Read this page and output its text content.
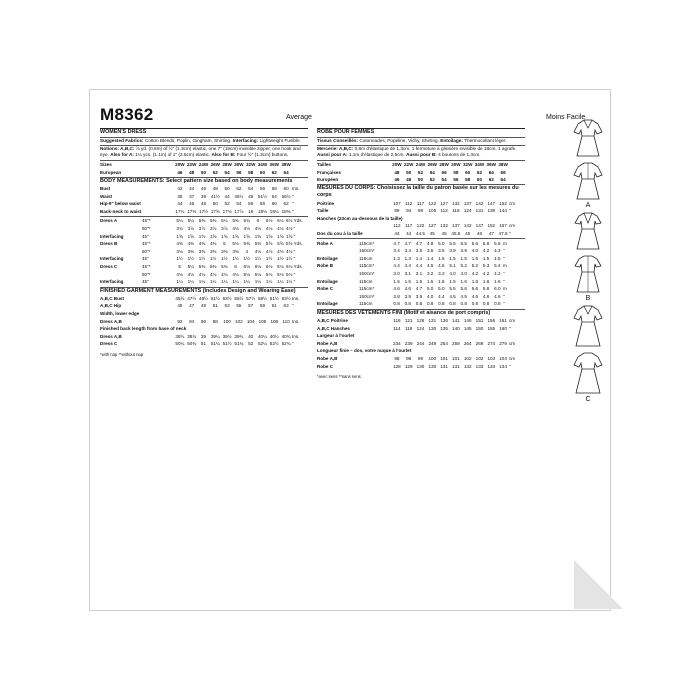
M8362	Average	Moins Facile
WOMEN'S DRESS
Suggested Fabrics: Cotton Blends, Poplin, Gingham, Shirting. Interfacing: Lightweight Fusible.
Notions: A,B,C: ⅞ yd. (0.8m) of ½" (1.3cm) elastic, one 7" (18cm) invisible zipper, one hook and eye. Also for A: 1¼ ycs. (1.1m) of 1" (2.5cm) elastic. Also for B: Four ½" (1.3cm) buttons.
Sizes		20W	22W	24W	26W	28W	30W	32W	34W	36W	38W	
European		46	48	50	52	54	56	58	60	62	64	
BODY MEASUREMENTS: Select pattern size based on body measurements
Bust		42	44	46	48	50	52	54	56	58	60	Ins.
Waist		35	37	39	41½	44	46½	49	51½	54	56½	"
Hip-9" below waist		44	46	48	50	52	54	56	58	60	62	"
Back-neck to waist		17¼	17⅜	17½	17⅝	17¾	17⅞	18	18⅛	18¼	18⅜	"
Dress A	45"*		5¼	5¼	5⅜	5⅜	5¼	5⅜	5¾	6	6⅛	6⅛	6⅛ Yds.
	60"*		3¾	3⅞	3⅞	3⅞	3⅞	4⅛	4⅛	4⅛	4⅛	4⅛	4⅛ "
Interfacing	45"		1⅝	1⅝	1⅝	1⅝	1⅝	1⅝	1⅝	1⅝	1⅝	1⅝	1⅝ "
Dress B	45"*		4⅜	4⅜	4⅜	4⅜	5	5⅛	5⅜	5⅜	5⅝	5⅝	5⅝ Yds.
	60"*		3⅛	3⅜	3⅜	3⅜	3⅜	3⅜	4	4⅛	4⅛	4⅛	4⅛ "
Interfacing	45"		1½	1½	1½	1½	1½	1½	1½	1½	1½	1½	1½ "
Dress C	45"*		5	5¼	5⅜	5⅜	5⅜	6	6⅛	6⅛	6⅛	6⅛	6⅛ Yds.
	60"*		4⅛	4⅛	4⅛	4⅛	4⅛	4⅛	5⅛	5⅛	5⅛	5⅛	5⅛ "
Interfacing	45"		1¼	1¼	1¼	1¼	1¼	1¼	1¼	1¼	1¼	1¼	1¼ "
FINISHED GARMENT MEASUREMENTS (Includes Design and Wearing Ease)
A,B,C Bust		45½	47½	49½	51½	53½	55½	57½	59½	61½	63½	Ins.
A,B,C Hip		45	47	49	51	53	55	57	59	61	63	"
Width, lower edge												
Dress A,B		92	94	96	98	100	102	104	106	108	110	Ins.
Finished back length from base of neck												
Dress A,B		38½	38¾	39	39¼	39½	39¾	40	40¼	40½	40¾	Ins.
Dress C		50¼	50¾	51	51¼	51½	51¾	52	52¼	52½	52¾	"
*with nap **without nap
ROBE POUR FEMMES
Tissus Conseillés: Cotonnades, Popeline, Vichy, Shirting. Entoilage: Thermocollant léger.
Mercerie: A,B,C: 0,8m d'élastique de 1,3cm, 1 fermeture à glissière invisible de 18cm, 1 agrafe. Aussi pour A: 1,1m d'élastique de 2,5cm. Aussi pour B: 4 boutons de 1,3cm.
Tailles		20W	22W	24W	26W	28W	30W	32W	34W	36W	38W	
Françaises		48	50	52	54	56	58	60	62	64	66	
Européen		46	48	50	52	54	56	58	60	62	64	
MESURES DU CORPS: Choisissez la taille du patron basée sur les mesures du corps
Poitrine		107	112	117	122	127	132	137	142	147	152	cm
Taille		89	94	99	105	112	118	124	131	138	144	"
Hanches (23cm au-dessous de la taille)												
		112	117	122	127	132	137	142	147	152	157	cm
Dos du cou à la taille		44	44	44.5	45	45	45.5	46	46	47	47.5	"
Robe A	115cm*		4.7	4.7	4.7	4.8	5.0	5.5	5.5	5.6	5.6	5.6	m
	150cm*		3.4	3.4	3.5	3.5	3.5	3.9	3.9	4.0	4.2	4.3	"
Entoilage	115cm		1.3	1.3	1.4	1.4	1.5	1.5	1.5	1.5	1.5	1.5	"
Robe B	115cm*		4.4	4.4	4.4	4.5	4.6	5.1	5.2	5.2	5.3	5.4	m
	150cm*		3.0	3.1	3.1	3.2	3.2	4.0	4.0	4.2	4.2	4.2	"
Entoilage	115cm		1.5	1.5	1.5	1.5	1.5	1.5	1.6	1.6	1.6	1.6	"
Robe C	115cm*		4.6	4.6	4.7	5.0	5.0	5.5	5.6	5.6	5.8	6.0	m
	150cm*		3.8	3.9	3.9	4.0	4.4	4.5	4.5	4.6	4.6	4.6	"
Entoilage	115cm		0.8	0.8	0.8	0.8	0.8	0.8	0.8	0.8	0.8	0.8	"
MESURES DES VÊTEMENTS FINI (Motif et aisance de port compris)
A,B,C Poitrine		116	121	126	131	136	141	146	151	156	161	cm
A,B,C Hanches		114	119	124	130	135	140	145	150	155	160	"
Largeur à l'ourlet												
Robe A,B		234	239	244	249	254	259	264	269	274	279	cm
Longueur finie – dos, votre nuque à l'ourlet												
Robe A,B		98	98	99	100	101	101	102	102	103	104	cm
Robe C		128	129	130	130	131	131	132	133	133	134	"
*avec sens **sans sens
A
B
C
